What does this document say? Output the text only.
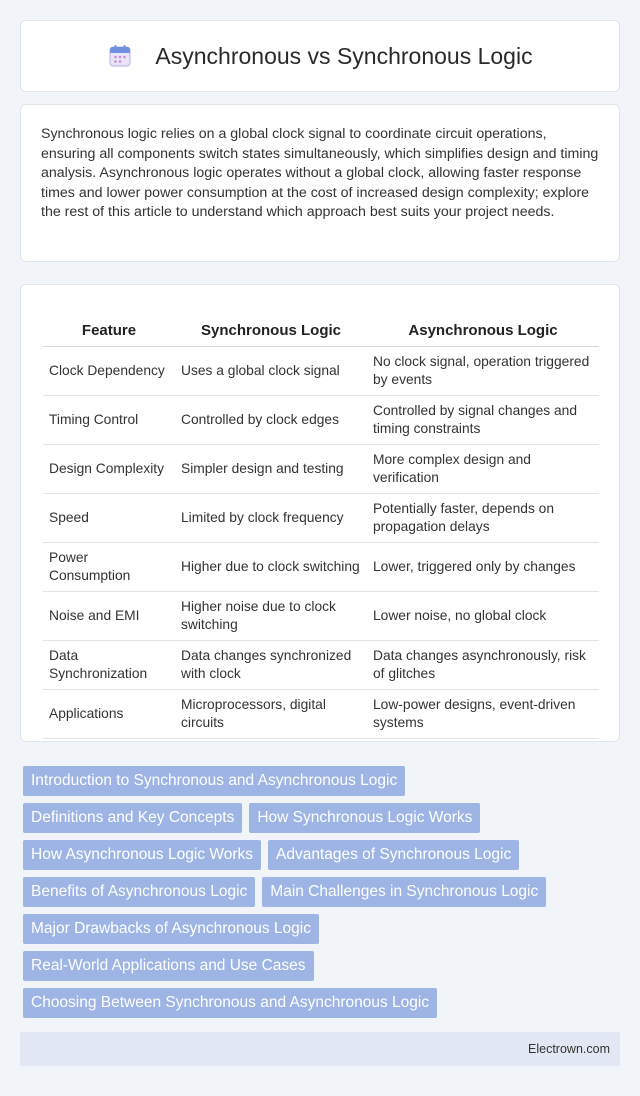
Asynchronous vs Synchronous Logic

Synchronous logic relies on a global clock signal to coordinate circuit operations, ensuring all components switch states simultaneously, which simplifies design and timing analysis. Asynchronous logic operates without a global clock, allowing faster response times and lower power consumption at the cost of increased design complexity; explore the rest of this article to understand which approach best suits your project needs.

Feature	Synchronous Logic	Asynchronous Logic
Clock Dependency	Uses a global clock signal	No clock signal, operation triggered by events
Timing Control	Controlled by clock edges	Controlled by signal changes and timing constraints
Design Complexity	Simpler design and testing	More complex design and verification
Speed	Limited by clock frequency	Potentially faster, depends on propagation delays
Power Consumption	Higher due to clock switching	Lower, triggered only by changes
Noise and EMI	Higher noise due to clock switching	Lower noise, no global clock
Data Synchronization	Data changes synchronized with clock	Data changes asynchronously, risk of glitches
Applications	Microprocessors, digital circuits	Low-power designs, event-driven systems
Introduction to Synchronous and Asynchronous Logic
Definitions and Key Concepts	How Synchronous Logic Works
How Asynchronous Logic Works	Advantages of Synchronous Logic
Benefits of Asynchronous Logic	Main Challenges in Synchronous Logic
Major Drawbacks of Asynchronous Logic
Real-World Applications and Use Cases
Choosing Between Synchronous and Asynchronous Logic
Electrown.com
